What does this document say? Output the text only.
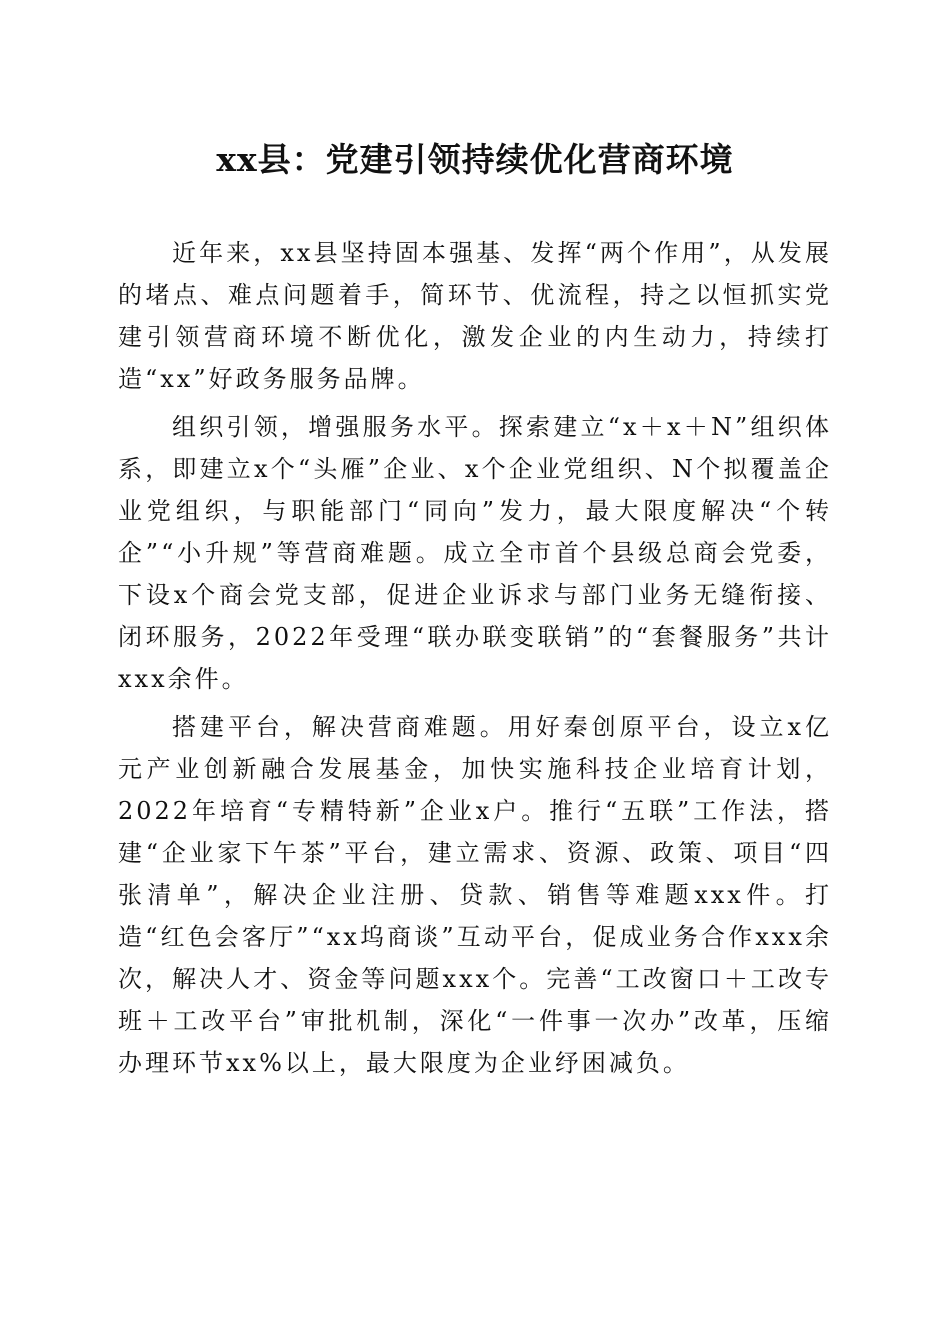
xx县：党建引领持续优化营商环境

近年来，xx县坚持固本强基、发挥“两个作用”，从发展的堵点、难点问题着手，简环节、优流程，持之以恒抓实党建引领营商环境不断优化，激发企业的内生动力，持续打造“xx”好政务服务品牌。

组织引领，增强服务水平。探索建立“x＋x＋N”组织体系，即建立x个“头雁”企业、x个企业党组织、N个拟覆盖企业党组织，与职能部门“同向”发力，最大限度解决“个转企”“小升规”等营商难题。成立全市首个县级总商会党委，下设x个商会党支部，促进企业诉求与部门业务无缝衔接、闭环服务，2022年受理“联办联变联销”的“套餐服务”共计xxx余件。

搭建平台，解决营商难题。用好秦创原平台，设立x亿元产业创新融合发展基金，加快实施科技企业培育计划，2022年培育“专精特新”企业x户。推行“五联”工作法，搭建“企业家下午茶”平台，建立需求、资源、政策、项目“四张清单”，解决企业注册、贷款、销售等难题xxx件。打造“红色会客厅”“xx坞商谈”互动平台，促成业务合作xxx余次，解决人才、资金等问题xxx个。完善“工改窗口＋工改专班＋工改平台”审批机制，深化“一件事一次办”改革，压缩办理环节xx%以上，最大限度为企业纾困减负。
